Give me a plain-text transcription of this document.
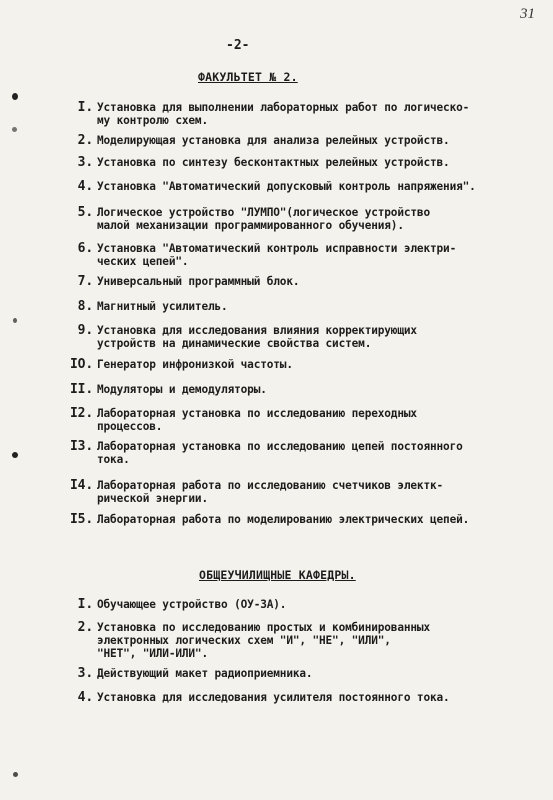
31
-2-
ФАКУЛЬТЕТ № 2.
I. Установка для выполнении лабораторных работ по логическо-
му контролю схем.
2. Моделирующая установка для анализа релейных устройств.
3. Установка по синтезу бесконтактных релейных устройств.
4. Установка "Автоматический допусковый контроль напряжения".
5. Логическое устройство "ЛУМПО"(логическое устройство
малой механизации программированного обучения).
6. Установка "Автоматический контроль исправности электри-
ческих цепей".
7. Универсальный программный блок.
8. Магнитный усилитель.
9. Установка для исследования влияния корректирующих
устройств на динамические свойства систем.
IO. Генератор инфронизкой частоты.
II. Модуляторы и демодуляторы.
I2. Лабораторная установка по исследованию переходных
процессов.
I3. Лабораторная установка по исследованию цепей постоянного
тока.
I4. Лабораторная работа по исследованию счетчиков электк-
рической энергии.
I5. Лабораторная работа по моделированию электрических цепей.
ОБЩЕУЧИЛИЩНЫЕ КАФЕДРЫ.
I. Обучающее устройство (ОУ-3А).
2. Установка по исследованию простых и комбинированных
электронных логических схем "И", "НЕ", "ИЛИ",
"НЕТ", "ИЛИ-ИЛИ".
3. Действующий макет радиоприемника.
4. Установка для исследования усилителя постоянного тока.
